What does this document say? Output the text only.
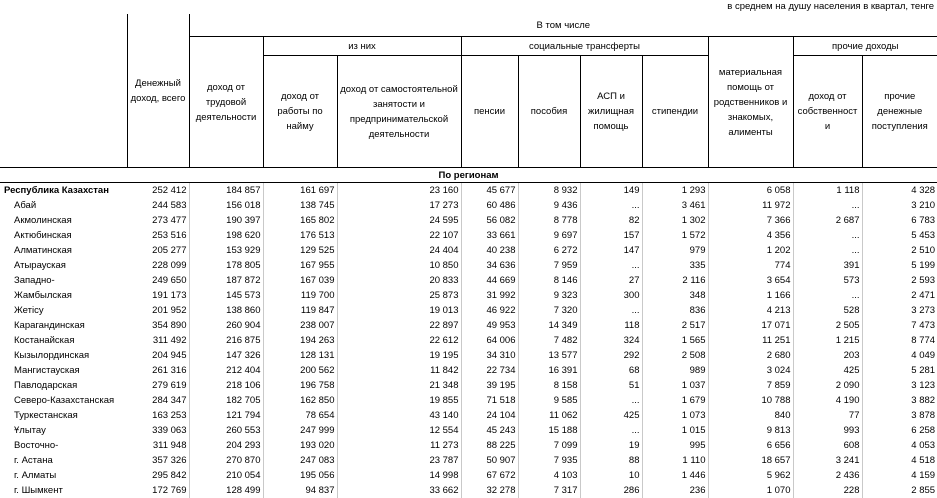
в среднем на душу населения в квартал, тенге
	Денежный доход, всего	В том числе									
		доход от трудовой деятельности	из них		социальные трансферты				материальная помощь от родственников и знакомых, алименты	прочие доходы	
			доход от работы по найму	доход от самостоятельной занятости и предпринимательской деятельности	пенсии	пособия	АСП и жилищная помощь	стипендии		доход от собственност и	прочие денежные поступления
По регионам											
Республика Казахстан	252 412	184 857	161 697	23 160	45 677	8 932	149	1 293	6 058	1 118	4 328
Абай	244 583	156 018	138 745	17 273	60 486	9 436	...	3 461	11 972	...	3 210
Акмолинская	273 477	190 397	165 802	24 595	56 082	8 778	82	1 302	7 366	2 687	6 783
Актюбинская	253 516	198 620	176 513	22 107	33 661	9 697	157	1 572	4 356	...	5 453
Алматинская	205 277	153 929	129 525	24 404	40 238	6 272	147	979	1 202	...	2 510
Атырауская	228 099	178 805	167 955	10 850	34 636	7 959	...	335	774	391	5 199
Западно-	249 650	187 872	167 039	20 833	44 669	8 146	27	2 116	3 654	573	2 593
Жамбылская	191 173	145 573	119 700	25 873	31 992	9 323	300	348	1 166	...	2 471
Жетісу	201 952	138 860	119 847	19 013	46 922	7 320	...	836	4 213	528	3 273
Карагандинская	354 890	260 904	238 007	22 897	49 953	14 349	118	2 517	17 071	2 505	7 473
Костанайская	311 492	216 875	194 263	22 612	64 006	7 482	324	1 565	11 251	1 215	8 774
Кызылординская	204 945	147 326	128 131	19 195	34 310	13 577	292	2 508	2 680	203	4 049
Мангистауская	261 316	212 404	200 562	11 842	22 734	16 391	68	989	3 024	425	5 281
Павлодарская	279 619	218 106	196 758	21 348	39 195	8 158	51	1 037	7 859	2 090	3 123
Северо-Казахстанская	284 347	182 705	162 850	19 855	71 518	9 585	...	1 679	10 788	4 190	3 882
Туркестанская	163 253	121 794	78 654	43 140	24 104	11 062	425	1 073	840	77	3 878
Ұлытау	339 063	260 553	247 999	12 554	45 243	15 188	...	1 015	9 813	993	6 258
Восточно-	311 948	204 293	193 020	11 273	88 225	7 099	19	995	6 656	608	4 053
г. Астана	357 326	270 870	247 083	23 787	50 907	7 935	88	1 110	18 657	3 241	4 518
г. Алматы	295 842	210 054	195 056	14 998	67 672	4 103	10	1 446	5 962	2 436	4 159
г. Шымкент	172 769	128 499	94 837	33 662	32 278	7 317	286	236	1 070	228	2 855
